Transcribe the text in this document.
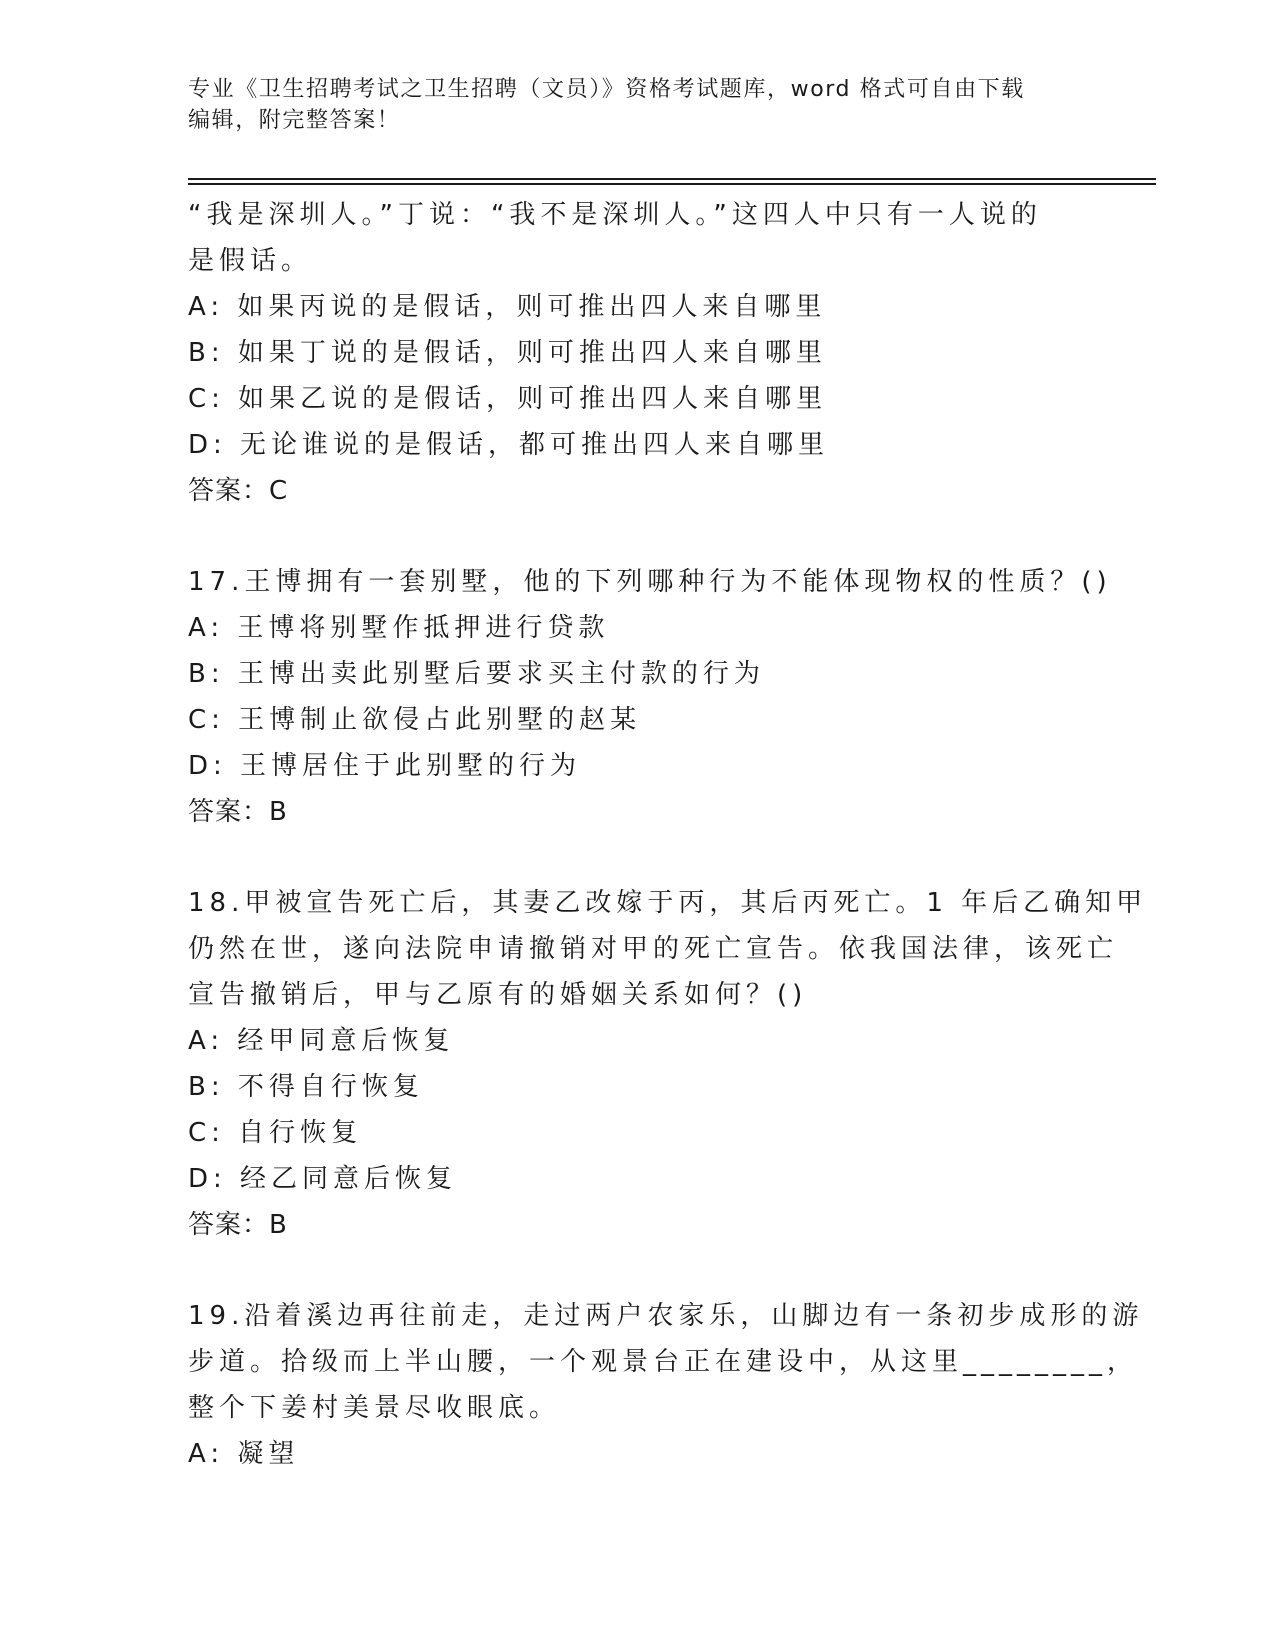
专业《卫生招聘考试之卫生招聘（文员）》资格考试题库，word 格式可自由下载
编辑，附完整答案！
“我是深圳人。”丁说：“我不是深圳人。”这四人中只有一人说的
是假话。
A: 如果丙说的是假话，则可推出四人来自哪里
B: 如果丁说的是假话，则可推出四人来自哪里
C: 如果乙说的是假话，则可推出四人来自哪里
D: 无论谁说的是假话，都可推出四人来自哪里
答案：C
17.王博拥有一套别墅，他的下列哪种行为不能体现物权的性质？()
A: 王博将别墅作抵押进行贷款
B: 王博出卖此别墅后要求买主付款的行为
C: 王博制止欲侵占此别墅的赵某
D: 王博居住于此别墅的行为
答案：B
18.甲被宣告死亡后，其妻乙改嫁于丙，其后丙死亡。1 年后乙确知甲
仍然在世，遂向法院申请撤销对甲的死亡宣告。依我国法律，该死亡
宣告撤销后，甲与乙原有的婚姻关系如何？()
A: 经甲同意后恢复
B: 不得自行恢复
C: 自行恢复
D: 经乙同意后恢复
答案：B
19.沿着溪边再往前走，走过两户农家乐，山脚边有一条初步成形的游
步道。拾级而上半山腰，一个观景台正在建设中，从这里________，
整个下姜村美景尽收眼底。
A: 凝望
